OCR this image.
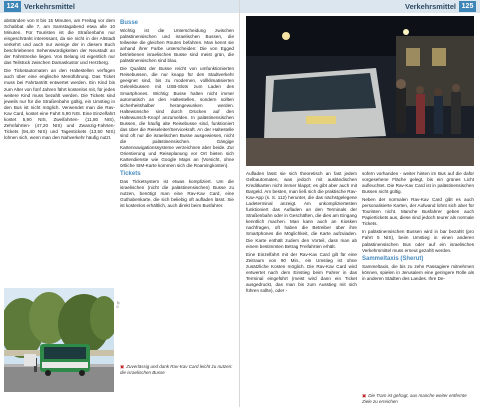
124 Verkehrsmittel

abständen von 8 bis 15 Minuten, am Freitag vor dem Schabbat alle 7, am Samstagabend etwa alle 10 Minuten. Für Touristen ist die Straßenbahn nur eingeschränkt interessant, da sie nicht in der Altstadt verkehrt und auch nur wenige der in diesem Buch beschriebenen Sehenswürdigkeiten der Neustadt an der Fahrstrecke liegen. Von Belang ist eigentlich nur das Teilstück zwischen Damaskustor und Herzberg.

Die Ticketautomaten an den Haltestellen verfügen auch über eine englische Menüführung. Das Ticket muss bei Fahrtantritt entwertet werden. Ein Kind bis zum Alter von fünf Jahren fährt kostenlos mit, für jedes weitere Kind muss bezahlt werden. Die Tickets sind jeweils nur für die Straßenbahn gültig, ein Umstieg in den Bus ist nicht möglich. Verwendet man die Rav-Kav Card, kostet eine Fahrt 5,90 NIS. Eine Einzelfahrt kostet 5,90 NIS, Zweifahrten- (11,80 NIS), Zehnfahrten- (47,20 NIS) und Zwanzig-Fahrten-Tickets (94,40 NIS) und Tagestickets (13,50 NIS) lohnen sich, wenn man den Nahverkehr häufig nutzt.

Busse

Wichtig ist die Unterscheidung zwischen palästinensischen und israelischen Bussen, die teilweise die gleichen Routen befahren. Man kennt sie anhand ihrer Farbe unterscheiden: Die von Egged betriebenen israelischen Busse sind meist grün, die palästinensischen sind blau.

Die Qualität der Busse reicht von umfunktionierten Reisebussen, die nur knapp für den Stadtverkehr geeignet sind, bis zu modernen, vollklimatisierten Gelenkbussen mit USB-Slots zum Laden des Smartphones. Wichtig: Busse halten nicht immer automatisch an den Haltestellen, sondern sollten sicherheitshalber herangewunken werden. Haltewünsche sind durch Drücken auf den Haltewunsch-Knopf anzumelden. In palästinensischen Bussen, die häufig alte Reisebusse sind, funktioniert das über die Reiseleiter/Servicekraft. An der Haltestelle sind oft nur die israelischen Busse ausgewiesen, nicht die palästinensischen. Gängige Kartennavigationssysteme verzeichnen aber beide. Zur Orientierung und Reiseplanung vor Ort bieten sich Kartendienste wie Google Maps an (Vorsicht, ohne örtliche SIM-Karte kommen sich die Roamingkosten).

Tickets

Das Ticketsystem ist etwas kompliziert. Um die israelischen (nicht die palästinensischen) Busse zu nutzen, benötigt man eine Rav-Kav Card, eine Guthabenkarte, die sich beliebig oft aufladen lässt. Sie ist kostenlos erhältlich, auch direkt beim Busfahrer.

© gr
▣ Zuverlässig und dank Rav-Kav Card leicht zu nutzen: die israelischen Busse
Verkehrsmittel 125

Aufladen lässt sie sich theoretisch an fast jedem Gelbautomaten, was jedoch mit ausländischen Kreditkarten nicht immer klappt; es gibt aber auch mit Bargeld. Am besten, man ließ sich die praktische Rav-Kav-App (s. S. 112) herunter, die das nächstgelegene Ladeterminal anzeigt. Am unkompliziertesten funktioniert das Aufladen an den Terminals der Straßenbahn oder in Geschäften, die dies am Eingang kenntlich machen. Man kann auch an Kiosken nachfragen, oft haben die Betreiber über ihre Smartphones die Möglichkeit, die Karte aufzuladen. Die Karte enthält zudem den Vorteil, dass man ab einem bestimmten Betrag Freifahrten erhält.

Eine Einzelfahrt mit der Rav-Kav Card gilt für eine Zeitraum von 90 Min., ein Umstieg ist ohne zusätzliche Kosten möglich. Die Rav-Kav Card wird entwertet nach dem Einstieg beim Fahrer in das Terminal eingeführt (meist wird dann ein Ticket ausgedruckt, das man bis zum Ausstieg mit sich führen sollte), oder -

sofern vorhanden - weiter hinten im Bus auf die dafür vorgesehene Fläche gelegt, bis ein grünes Licht aufleuchtet. Die Rav-Kav Card ist in palästinensischen Bussen nicht gültig.

Neben der normalen Rav-Kav Card gibt es auch personalisierte Karten, der Aufwand lohnt sich aber für Touristen nicht. Manche Busfahrer geben auch Papiertickets aus, diese sind jedoch teurer als normale Tickets.

In palästinensischen Bussen wird in bar bezahlt (pro Fahrt 5 NIS), beim Umstieg in einen anderen palästinensischen Bus oder auf ein israelisches Verkehrsmittel muss erneut gezahlt werden.

Sammeltaxis (Sherut)

Sammeltaxis, die bis zu zehn Passagiere mitnehmen können, spielen in Jerusalem eine geringere Rolle als in anderen Städten des Landes. Ihre De-

▣ Die Tram ist gefragt, aus manche weiter entfernte Ziele zu erreichen
